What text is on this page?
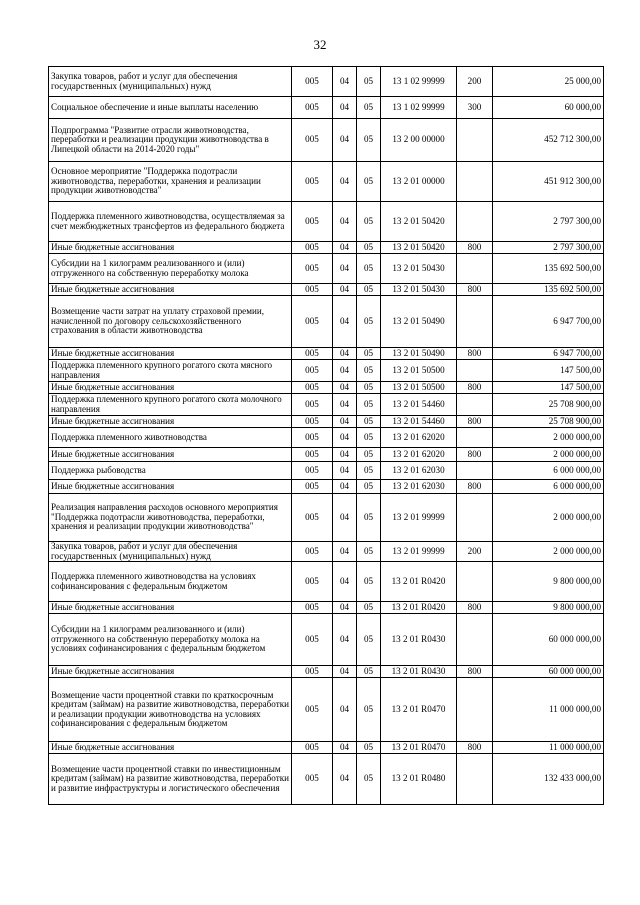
32
Закупка товаров, работ и услуг для обеспечения государственных (муниципальных) нужд	005	04	05	13 1 02 99999	200	25 000,00
Социальное обеспечение и иные выплаты населению	005	04	05	13 1 02 99999	300	60 000,00
Подпрограмма "Развитие отрасли животноводства, переработки и реализации продукции животноводства в Липецкой области на 2014-2020 годы"	005	04	05	13 2 00 00000		452 712 300,00
Основное мероприятие "Поддержка подотрасли животноводства, переработки, хранения и реализации продукции животноводства"	005	04	05	13 2 01 00000		451 912 300,00
Поддержка племенного животноводства, осуществляемая за счет межбюджетных трансфертов из федерального бюджета	005	04	05	13 2 01 50420		2 797 300,00
Иные бюджетные ассигнования	005	04	05	13 2 01 50420	800	2 797 300,00
Субсидии на 1 килограмм реализованного и (или) отгруженного на собственную переработку молока	005	04	05	13 2 01 50430		135 692 500,00
Иные бюджетные ассигнования	005	04	05	13 2 01 50430	800	135 692 500,00
Возмещение части затрат на уплату страховой премии, начисленной по договору сельскохозяйственного страхования в области животноводства	005	04	05	13 2 01 50490		6 947 700,00
Иные бюджетные ассигнования	005	04	05	13 2 01 50490	800	6 947 700,00
Поддержка племенного крупного рогатого скота мясного направления	005	04	05	13 2 01 50500		147 500,00
Иные бюджетные ассигнования	005	04	05	13 2 01 50500	800	147 500,00
Поддержка племенного крупного рогатого скота молочного направления	005	04	05	13 2 01 54460		25 708 900,00
Иные бюджетные ассигнования	005	04	05	13 2 01 54460	800	25 708 900,00
Поддержка племенного животноводства	005	04	05	13 2 01 62020		2 000 000,00
Иные бюджетные ассигнования	005	04	05	13 2 01 62020	800	2 000 000,00
Поддержка рыбоводства	005	04	05	13 2 01 62030		6 000 000,00
Иные бюджетные ассигнования	005	04	05	13 2 01 62030	800	6 000 000,00
Реализация направления расходов основного мероприятия "Поддержка подотрасли животноводства, переработки, хранения и реализации продукции животноводства"	005	04	05	13 2 01 99999		2 000 000,00
Закупка товаров, работ и услуг для обеспечения государственных (муниципальных) нужд	005	04	05	13 2 01 99999	200	2 000 000,00
Поддержка племенного животноводства на условиях софинансирования с федеральным бюджетом	005	04	05	13 2 01 R0420		9 800 000,00
Иные бюджетные ассигнования	005	04	05	13 2 01 R0420	800	9 800 000,00
Субсидии на 1 килограмм реализованного и (или) отгруженного на собственную переработку молока на условиях софинансирования с федеральным бюджетом	005	04	05	13 2 01 R0430		60 000 000,00
Иные бюджетные ассигнования	005	04	05	13 2 01 R0430	800	60 000 000,00
Возмещение части процентной ставки по краткосрочным кредитам (займам) на развитие животноводства, переработки и реализации продукции животноводства на условиях софинансирования с федеральным бюджетом	005	04	05	13 2 01 R0470		11 000 000,00
Иные бюджетные ассигнования	005	04	05	13 2 01 R0470	800	11 000 000,00
Возмещение части процентной ставки по инвестиционным кредитам (займам) на развитие животноводства, переработки и развитие инфраструктуры и логистического обеспечения	005	04	05	13 2 01 R0480		132 433 000,00
